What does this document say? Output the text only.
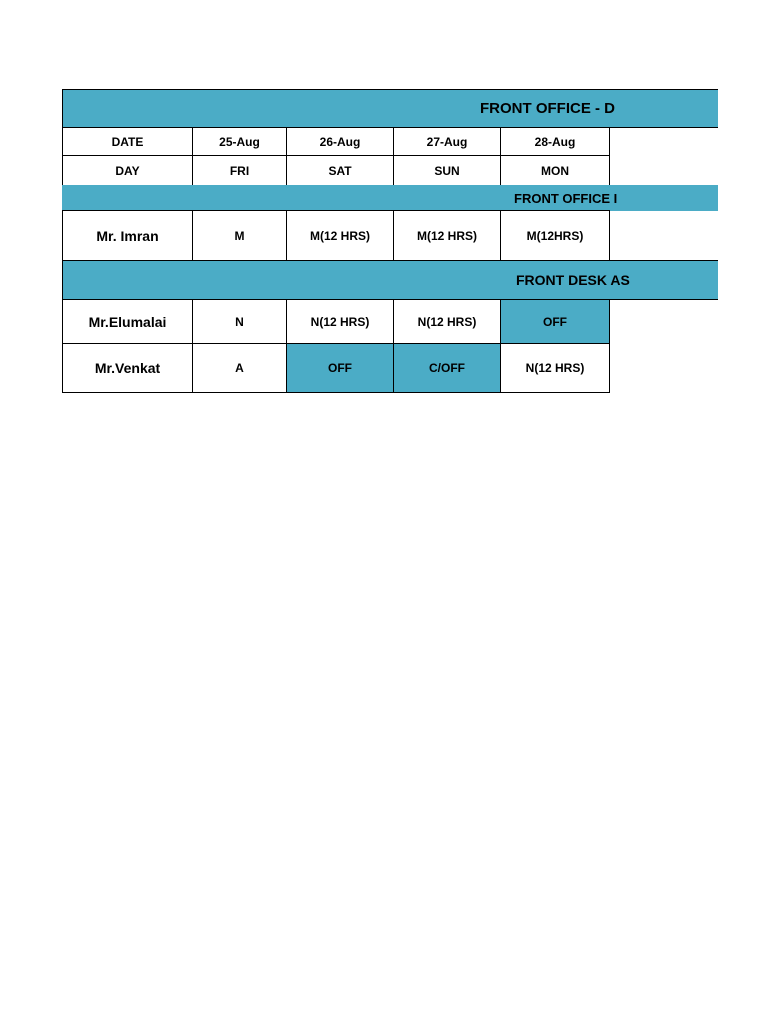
FRONT OFFICE - D
DATE	25-Aug	26-Aug	27-Aug	28-Aug
DAY	FRI	SAT	SUN	MON
FRONT OFFICE I
Mr. Imran	M	M(12 HRS)	M(12 HRS)	M(12HRS)
FRONT DESK AS
Mr.Elumalai	N	N(12 HRS)	N(12 HRS)	OFF
Mr.Venkat	A	OFF	C/OFF	N(12 HRS)
